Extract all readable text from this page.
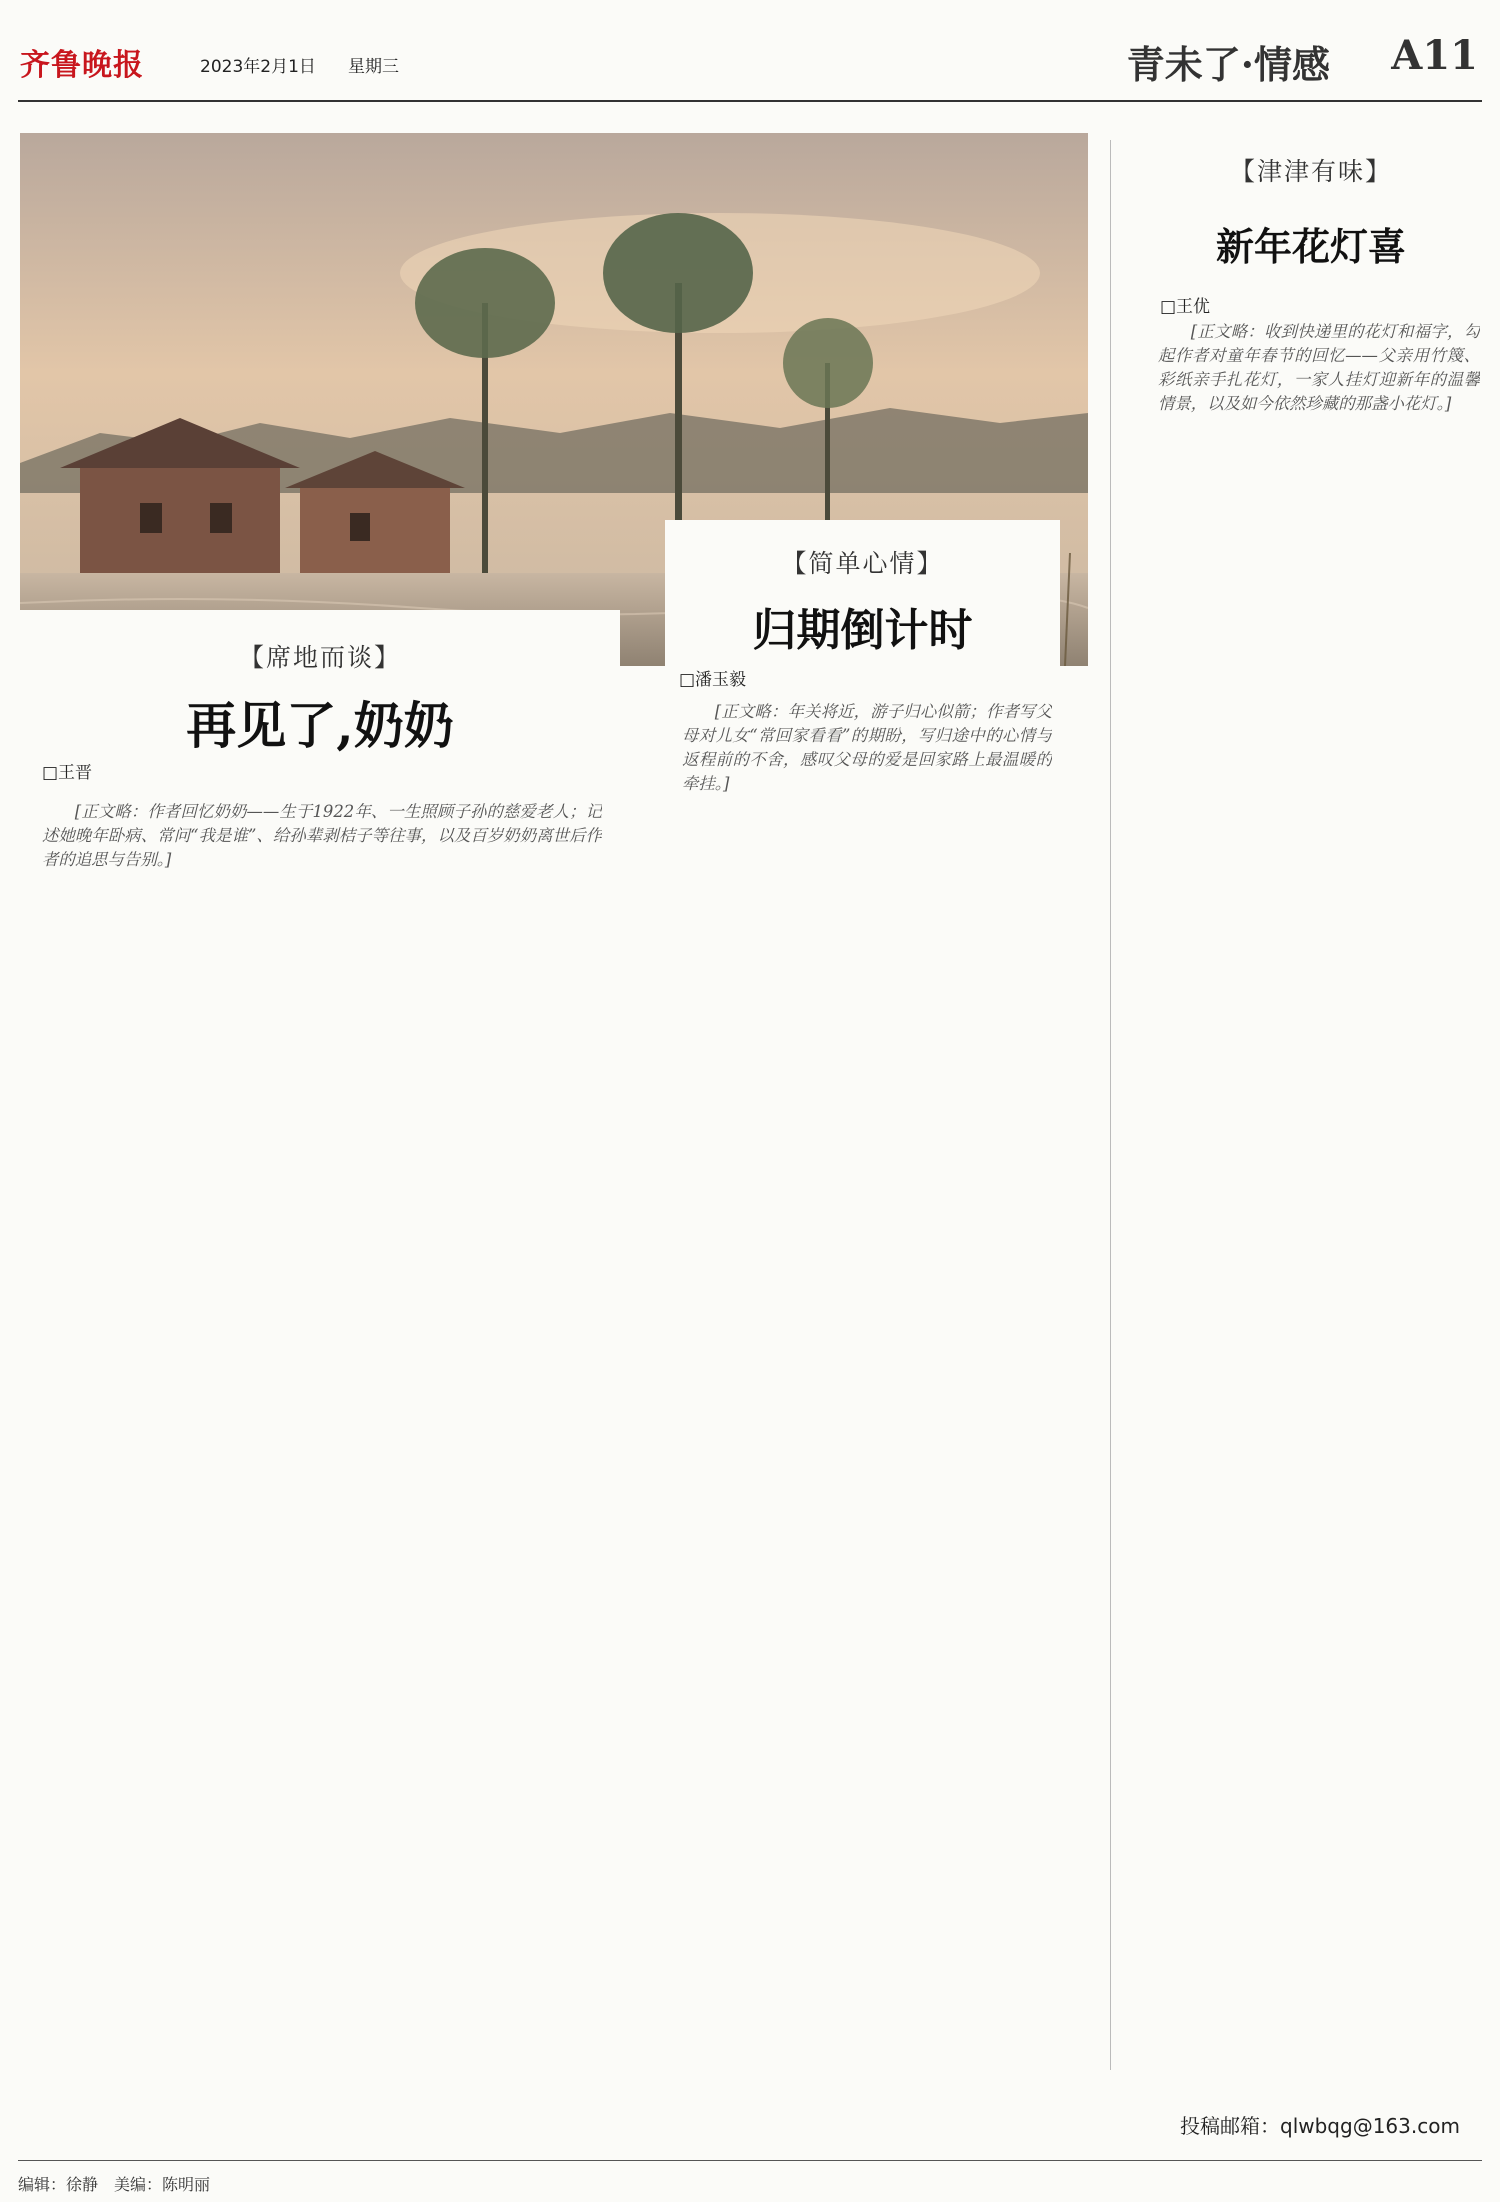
齐鲁晚报	2023年2月1日 星期三	青未了·情感 A11
【席地而谈】
再见了,奶奶
□王晋

[正文略：作者回忆奶奶——生于1922年、一生照顾子孙的慈爱老人；记述她晚年卧病、常问“我是谁”、给孙辈剥桔子等往事，以及百岁奶奶离世后作者的追思与告别。]

【简单心情】
归期倒计时
□潘玉毅

[正文略：年关将近，游子归心似箭；作者写父母对儿女“常回家看看”的期盼，写归途中的心情与返程前的不舍，感叹父母的爱是回家路上最温暖的牵挂。]

【津津有味】
新年花灯喜
□王优

[正文略：收到快递里的花灯和福字，勾起作者对童年春节的回忆——父亲用竹篾、彩纸亲手扎花灯，一家人挂灯迎新年的温馨情景，以及如今依然珍藏的那盏小花灯。]

投稿邮箱：qlwbqg@163.com
编辑：徐静　美编：陈明丽
